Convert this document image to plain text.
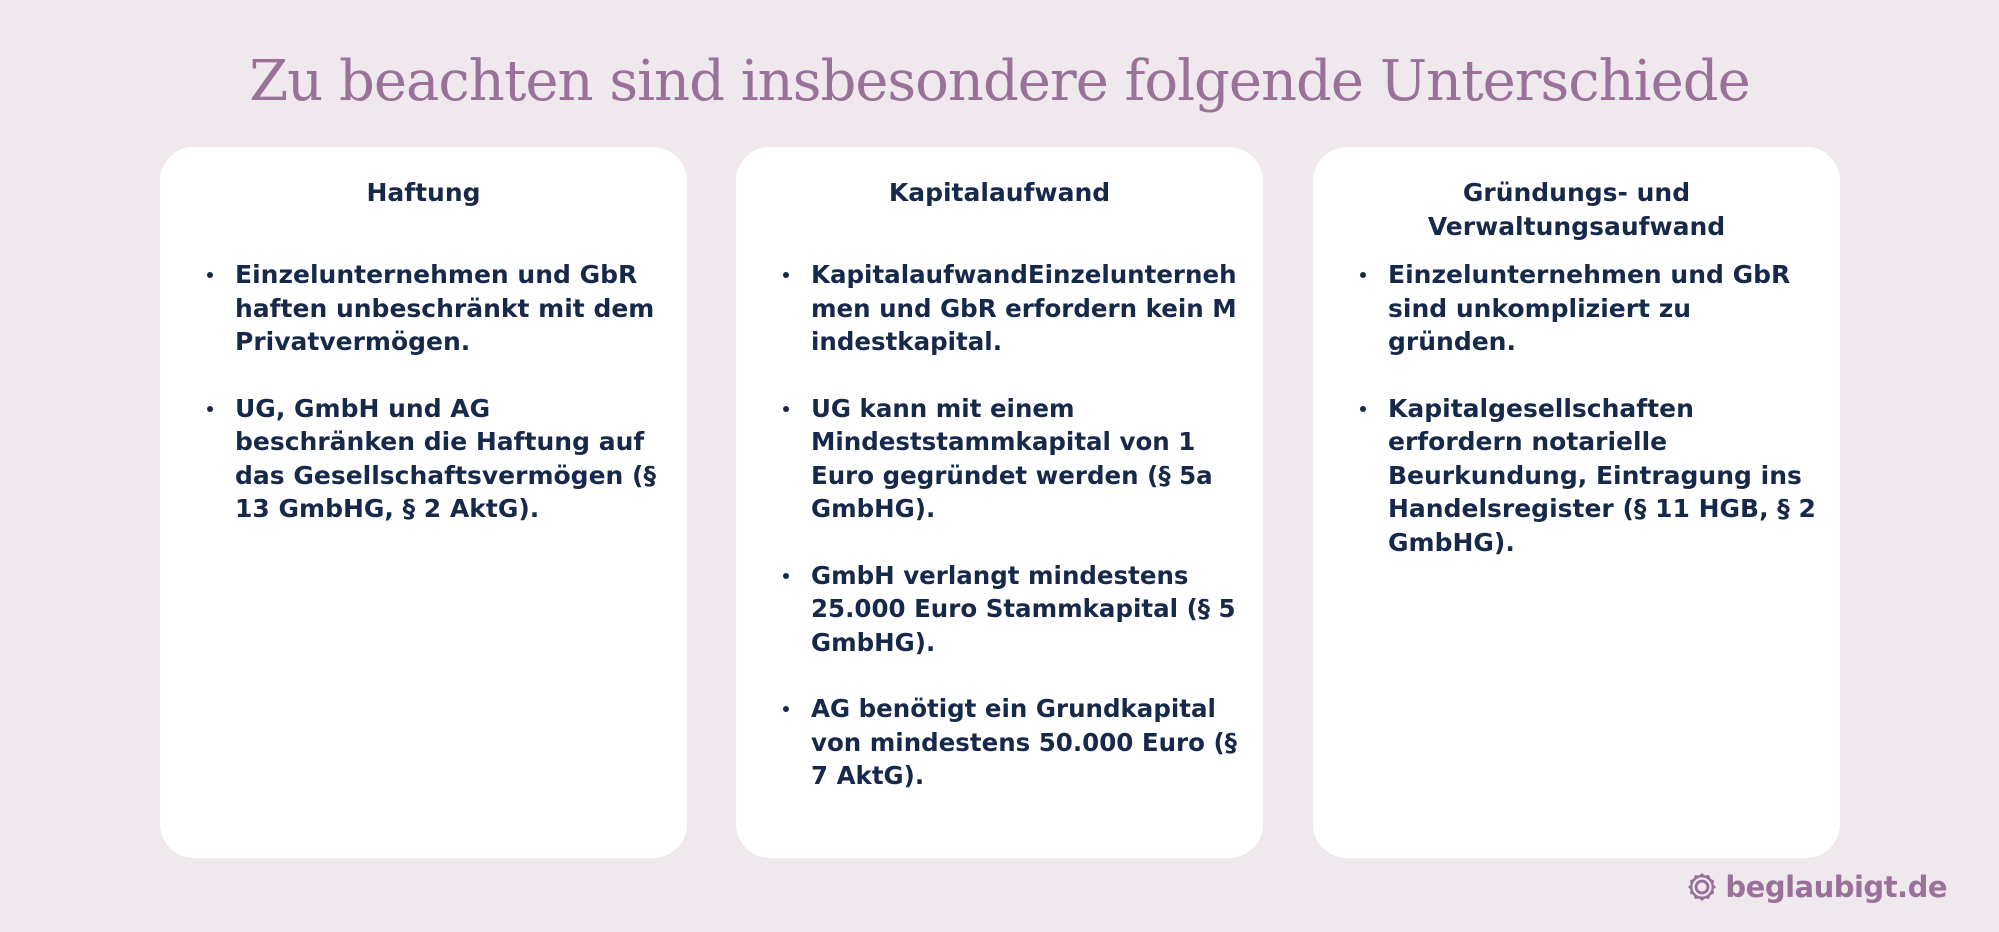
Zu beachten sind insbesondere folgende Unterschiede
Haftung
Einzelunternehmen und GbR haften unbeschränkt mit dem Privatvermögen.
UG, GmbH und AG beschränken die Haftung auf das Gesellschaftsvermögen (§ 13 GmbHG, § 2 AktG).
Kapitalaufwand
KapitalaufwandEinzelunternehmen und GbR erfordern kein Mindestkapital.
UG kann mit einem Mindeststammkapital von 1 Euro gegründet werden (§ 5a GmbHG).
GmbH verlangt mindestens 25.000 Euro Stammkapital (§ 5 GmbHG).
AG benötigt ein Grundkapital von mindestens 50.000 Euro (§ 7 AktG).
Gründungs- und Verwaltungsaufwand
Einzelunternehmen und GbR sind unkompliziert zu gründen.
Kapitalgesellschaften erfordern notarielle Beurkundung, Eintragung ins Handelsregister (§ 11 HGB, § 2 GmbHG).
beglaubigt.de
